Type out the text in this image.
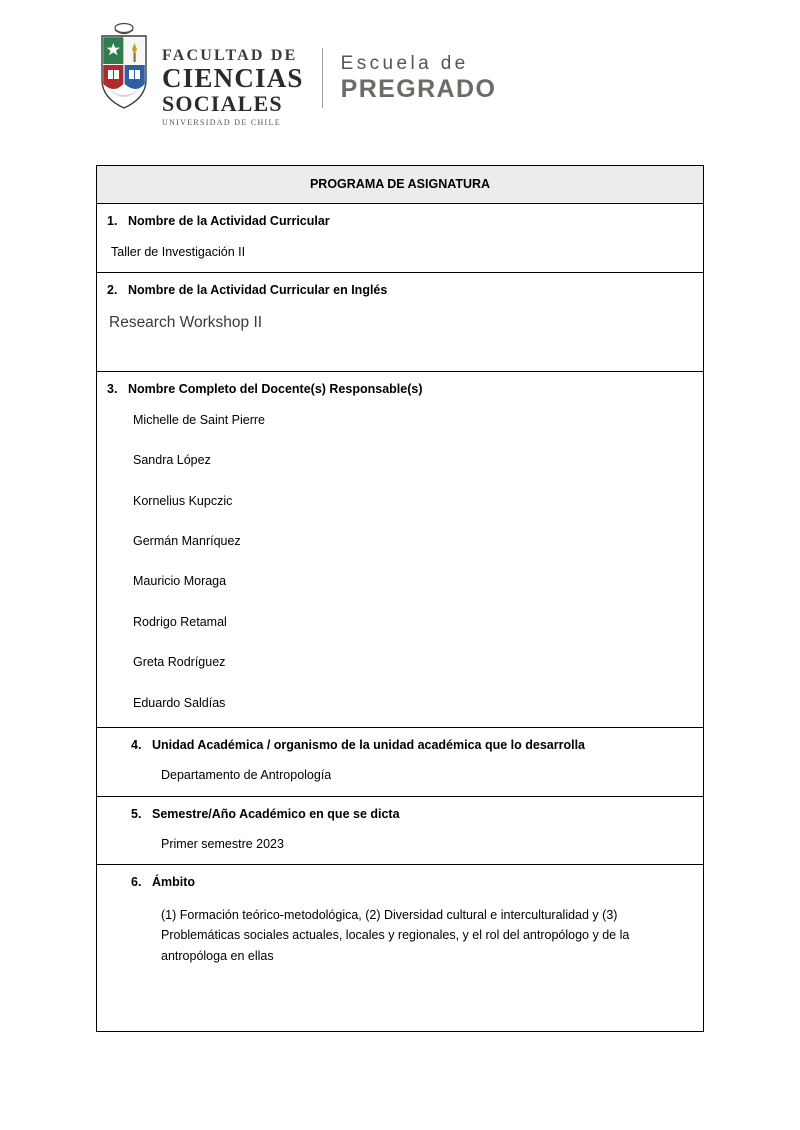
FACULTAD DE
CIENCIAS
SOCIALES
UNIVERSIDAD DE CHILE
Escuela de
PREGRADO
PROGRAMA DE ASIGNATURA

1. Nombre de la Actividad Curricular
Taller de Investigación II

2. Nombre de la Actividad Curricular en Inglés
Research Workshop II

3. Nombre Completo del Docente(s) Responsable(s)
Michelle de Saint Pierre
Sandra López
Kornelius Kupczic
Germán Manríquez
Mauricio Moraga
Rodrigo Retamal
Greta Rodríguez
Eduardo Saldías

4. Unidad Académica / organismo de la unidad académica que lo desarrolla
Departamento de Antropología

5. Semestre/Año Académico en que se dicta
Primer semestre 2023

6. Ámbito
(1) Formación teórico-metodológica, (2) Diversidad cultural e interculturalidad y (3) Problemáticas sociales actuales, locales y regionales, y el rol del antropólogo y de la antropóloga en ellas
